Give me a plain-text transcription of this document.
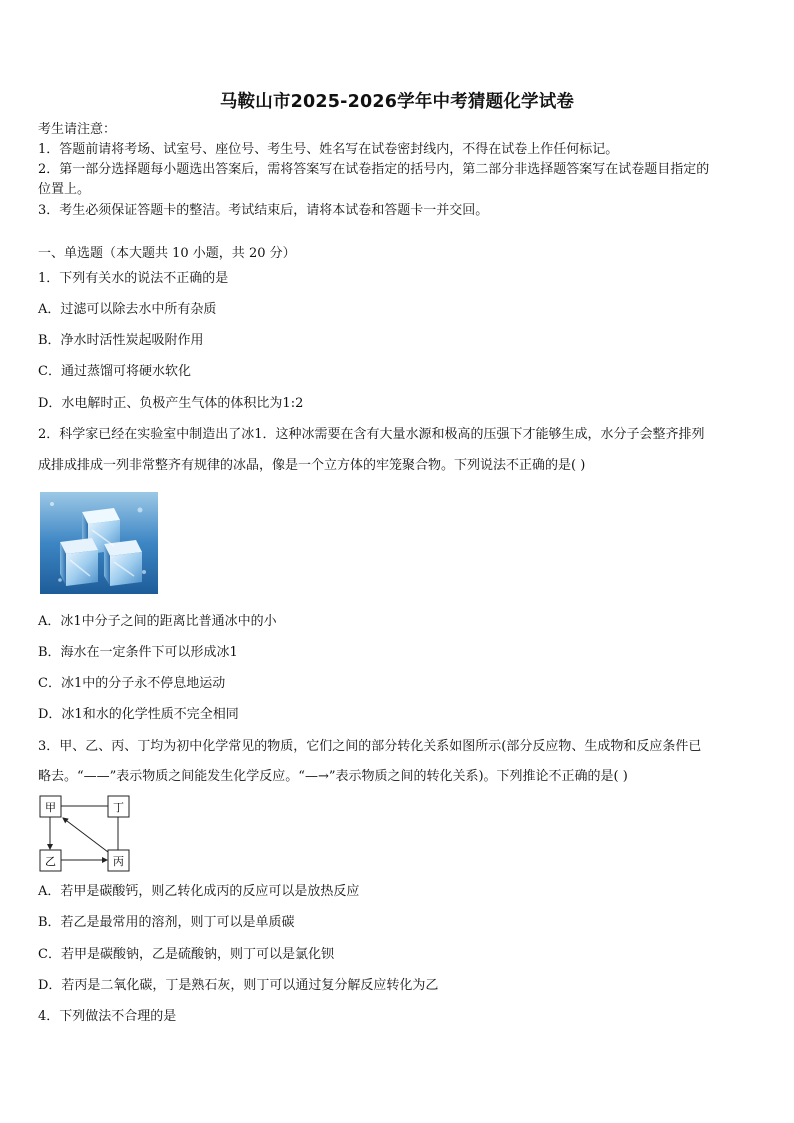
马鞍山市2025-2026学年中考猜题化学试卷
考生请注意：
1．答题前请将考场、试室号、座位号、考生号、姓名写在试卷密封线内，不得在试卷上作任何标记。
2．第一部分选择题每小题选出答案后，需将答案写在试卷指定的括号内，第二部分非选择题答案写在试卷题目指定的
位置上。
3．考生必须保证答题卡的整洁。考试结束后，请将本试卷和答题卡一并交回。
一、单选题（本大题共 10 小题，共 20 分）
1．下列有关水的说法不正确的是
A．过滤可以除去水中所有杂质
B．净水时活性炭起吸附作用
C．通过蒸馏可将硬水软化
D．水电解时正、负极产生气体的体积比为1:2
2．科学家已经在实验室中制造出了冰1．这种冰需要在含有大量水源和极高的压强下才能够生成，水分子会整齐排列
成排成排成一列非常整齐有规律的冰晶，像是一个立方体的牢笼聚合物。下列说法不正确的是( )
A．冰1中分子之间的距离比普通冰中的小
B．海水在一定条件下可以形成冰1
C．冰1中的分子永不停息地运动
D．冰1和水的化学性质不完全相同
3．甲、乙、丙、丁均为初中化学常见的物质，它们之间的部分转化关系如图所示(部分反应物、生成物和反应条件已
略去。“——”表示物质之间能发生化学反应。“—→”表示物质之间的转化关系)。下列推论不正确的是( )
甲	丁
乙	丙
A．若甲是碳酸钙，则乙转化成丙的反应可以是放热反应
B．若乙是最常用的溶剂，则丁可以是单质碳
C．若甲是碳酸钠，乙是硫酸钠，则丁可以是氯化钡
D．若丙是二氧化碳，丁是熟石灰，则丁可以通过复分解反应转化为乙
4．下列做法不合理的是
